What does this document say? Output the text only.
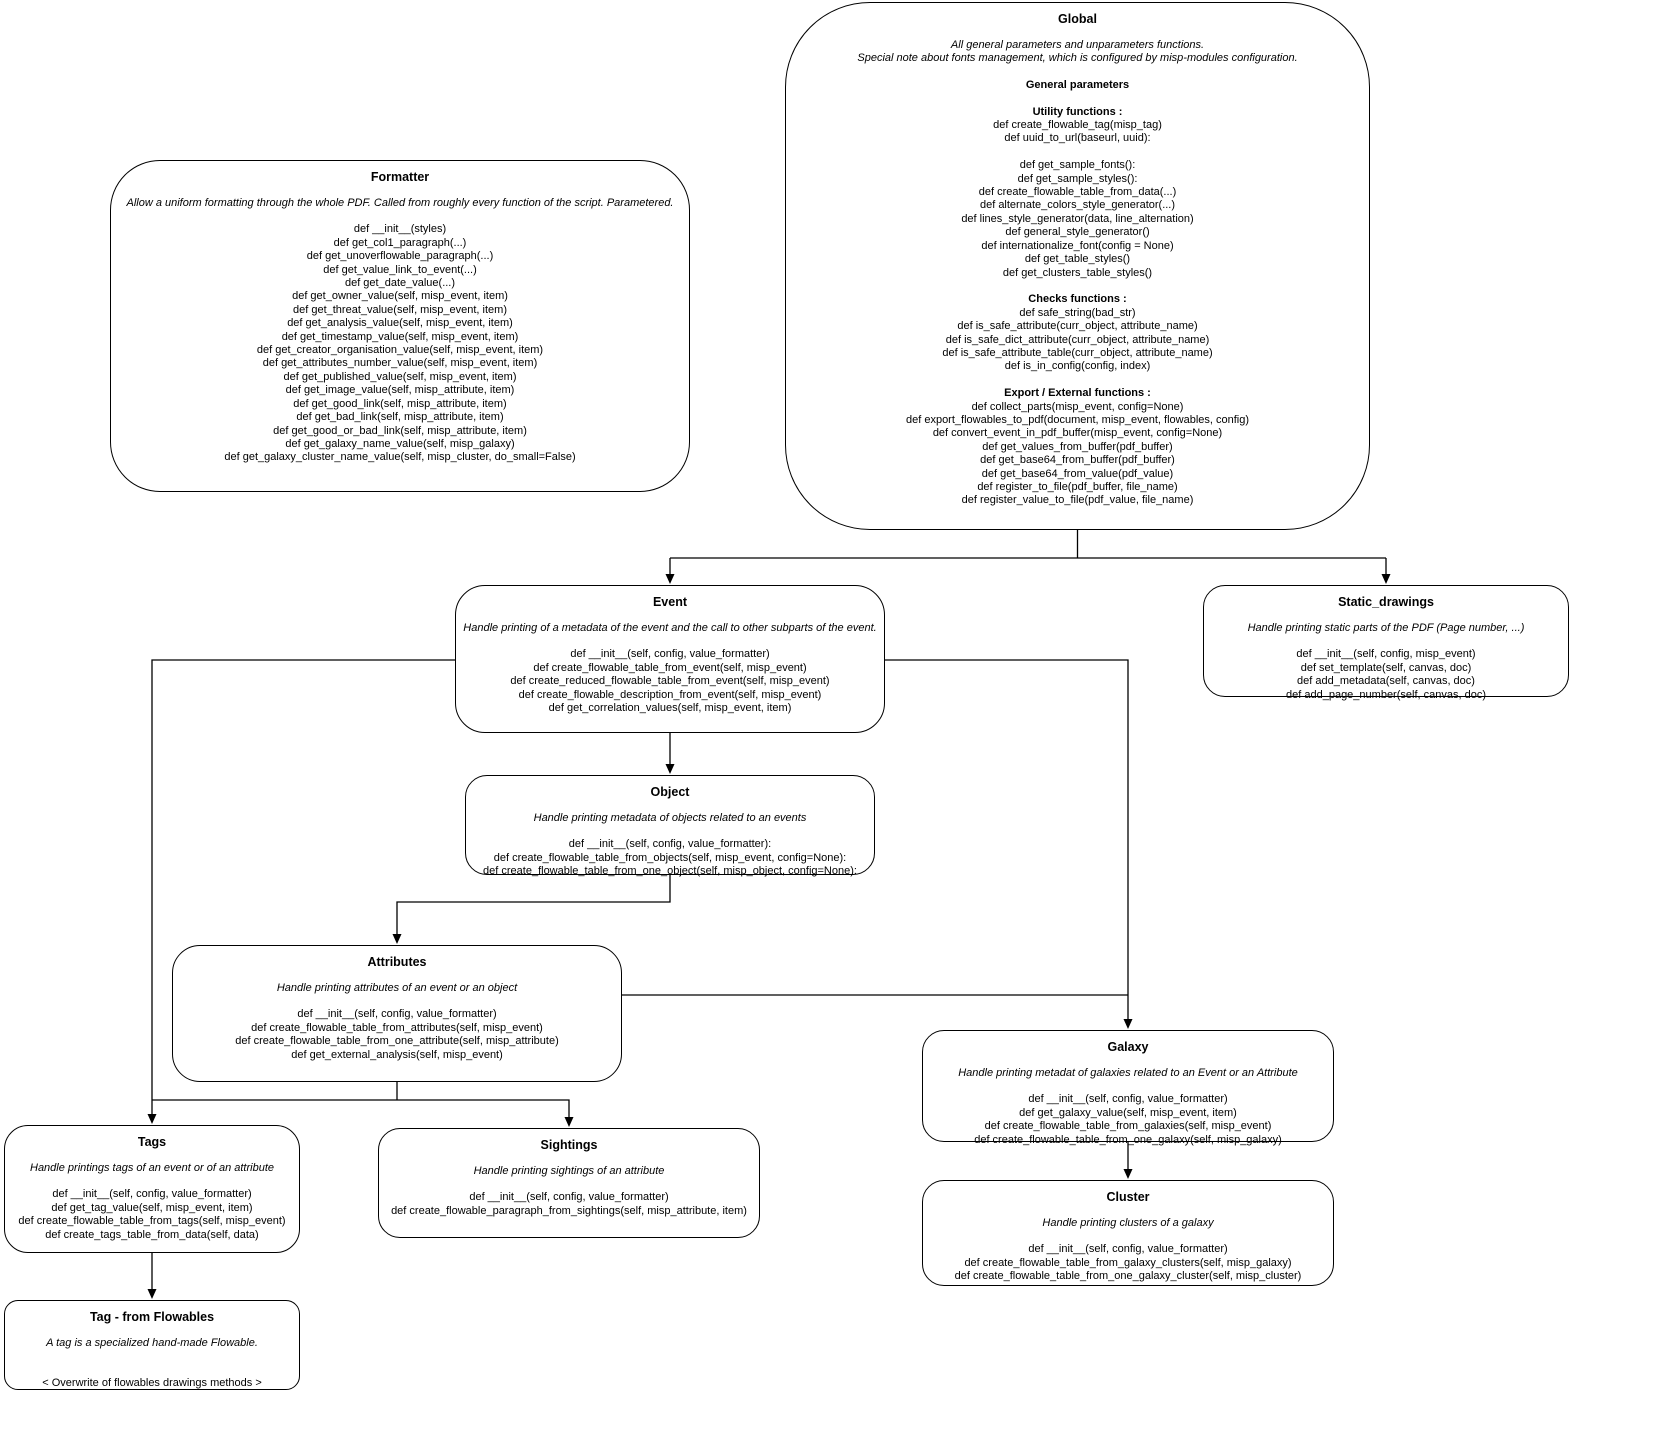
Formatter
Allow a uniform formatting through the whole PDF. Called from roughly every function of the script. Parametered.
def __init__(styles)
def get_col1_paragraph(...)
def get_unoverflowable_paragraph(...)
def get_value_link_to_event(...)
def get_date_value(...)
def get_owner_value(self, misp_event, item)
def get_threat_value(self, misp_event, item)
def get_analysis_value(self, misp_event, item)
def get_timestamp_value(self, misp_event, item)
def get_creator_organisation_value(self, misp_event, item)
def get_attributes_number_value(self, misp_event, item)
def get_published_value(self, misp_event, item)
def get_image_value(self, misp_attribute, item)
def get_good_link(self, misp_attribute, item)
def get_bad_link(self, misp_attribute, item)
def get_good_or_bad_link(self, misp_attribute, item)
def get_galaxy_name_value(self, misp_galaxy)
def get_galaxy_cluster_name_value(self, misp_cluster, do_small=False)
Global
All general parameters and unparameters functions.
Special note about fonts management, which is configured by misp-modules configuration.
General parameters

Utility functions :
def create_flowable_tag(misp_tag)
def uuid_to_url(baseurl, uuid):

def get_sample_fonts():
def get_sample_styles():
def create_flowable_table_from_data(...)
def alternate_colors_style_generator(...)
def lines_style_generator(data, line_alternation)
def general_style_generator()
def internationalize_font(config = None)
def get_table_styles()
def get_clusters_table_styles()

Checks functions :
def safe_string(bad_str)
def is_safe_attribute(curr_object, attribute_name)
def is_safe_dict_attribute(curr_object, attribute_name)
def is_safe_attribute_table(curr_object, attribute_name)
def is_in_config(config, index)

Export / External functions :
def collect_parts(misp_event, config=None)
def export_flowables_to_pdf(document, misp_event, flowables, config)
def convert_event_in_pdf_buffer(misp_event, config=None)
def get_values_from_buffer(pdf_buffer)
def get_base64_from_buffer(pdf_buffer)
def get_base64_from_value(pdf_value)
def register_to_file(pdf_buffer, file_name)
def register_value_to_file(pdf_value, file_name)
Event
Handle printing of a metadata of the event and the call to other subparts of the event.
def __init__(self, config, value_formatter)
def create_flowable_table_from_event(self, misp_event)
def create_reduced_flowable_table_from_event(self, misp_event)
def create_flowable_description_from_event(self, misp_event)
def get_correlation_values(self, misp_event, item)
Static_drawings
Handle printing static parts of the PDF (Page number, ...)
def __init__(self, config, misp_event)
def set_template(self, canvas, doc)
def add_metadata(self, canvas, doc)
def add_page_number(self, canvas, doc)
Object
Handle printing metadata of objects related to an events
def __init__(self, config, value_formatter):
def create_flowable_table_from_objects(self, misp_event, config=None):
def create_flowable_table_from_one_object(self, misp_object, config=None):
Attributes
Handle printing attributes of an event or an object
def __init__(self, config, value_formatter)
def create_flowable_table_from_attributes(self, misp_event)
def create_flowable_table_from_one_attribute(self, misp_attribute)
def get_external_analysis(self, misp_event)
Galaxy
Handle printing metadat of galaxies related to an Event or an Attribute
def __init__(self, config, value_formatter)
def get_galaxy_value(self, misp_event, item)
def create_flowable_table_from_galaxies(self, misp_event)
def create_flowable_table_from_one_galaxy(self, misp_galaxy)
Tags
Handle printings tags of an event or of an attribute
def __init__(self, config, value_formatter)
def get_tag_value(self, misp_event, item)
def create_flowable_table_from_tags(self, misp_event)
def create_tags_table_from_data(self, data)
Sightings
Handle printing sightings of an attribute
def __init__(self, config, value_formatter)
def create_flowable_paragraph_from_sightings(self, misp_attribute, item)
Cluster
Handle printing clusters of a galaxy
def __init__(self, config, value_formatter)
def create_flowable_table_from_galaxy_clusters(self, misp_galaxy)
def create_flowable_table_from_one_galaxy_cluster(self, misp_cluster)
Tag - from Flowables
A tag is a specialized hand-made Flowable.

< Overwrite of flowables drawings methods >
